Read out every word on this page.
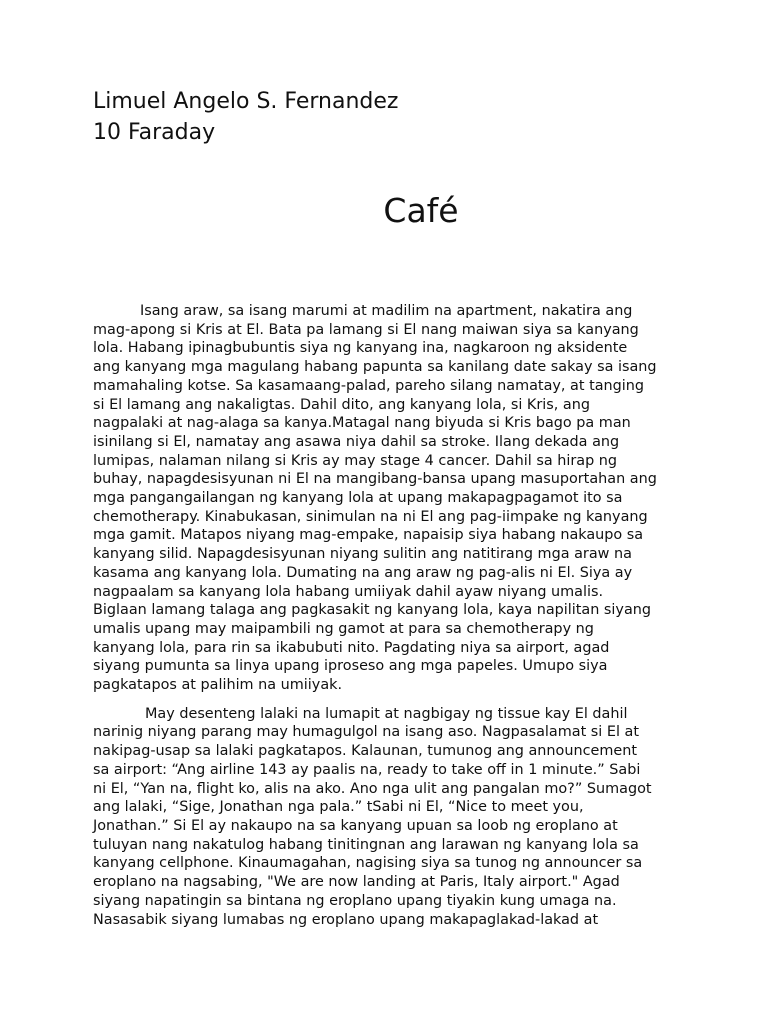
Limuel Angelo S. Fernandez
10 Faraday
Café

Isang araw, sa isang marumi at madilim na apartment, nakatira ang
mag-apong si Kris at El. Bata pa lamang si El nang maiwan siya sa kanyang
lola. Habang ipinagbubuntis siya ng kanyang ina, nagkaroon ng aksidente
ang kanyang mga magulang habang papunta sa kanilang date sakay sa isang
mamahaling kotse. Sa kasamaang-palad, pareho silang namatay, at tanging
si El lamang ang nakaligtas. Dahil dito, ang kanyang lola, si Kris, ang
nagpalaki at nag-alaga sa kanya.Matagal nang biyuda si Kris bago pa man
isinilang si El, namatay ang asawa niya dahil sa stroke. Ilang dekada ang
lumipas, nalaman nilang si Kris ay may stage 4 cancer. Dahil sa hirap ng
buhay, napagdesisyunan ni El na mangibang-bansa upang masuportahan ang
mga pangangailangan ng kanyang lola at upang makapagpagamot ito sa
chemotherapy. Kinabukasan, sinimulan na ni El ang pag-iimpake ng kanyang
mga gamit. Matapos niyang mag-empake, napaisip siya habang nakaupo sa
kanyang silid. Napagdesisyunan niyang sulitin ang natitirang mga araw na
kasama ang kanyang lola. Dumating na ang araw ng pag-alis ni El. Siya ay
nagpaalam sa kanyang lola habang umiiyak dahil ayaw niyang umalis.
Biglaan lamang talaga ang pagkasakit ng kanyang lola, kaya napilitan siyang
umalis upang may maipambili ng gamot at para sa chemotherapy ng
kanyang lola, para rin sa ikabubuti nito. Pagdating niya sa airport, agad
siyang pumunta sa linya upang iproseso ang mga papeles. Umupo siya
pagkatapos at palihim na umiiyak.

May desenteng lalaki na lumapit at nagbigay ng tissue kay El dahil
narinig niyang parang may humagulgol na isang aso. Nagpasalamat si El at
nakipag-usap sa lalaki pagkatapos. Kalaunan, tumunog ang announcement
sa airport: “Ang airline 143 ay paalis na, ready to take off in 1 minute.” Sabi
ni El, “Yan na, flight ko, alis na ako. Ano nga ulit ang pangalan mo?” Sumagot
ang lalaki, “Sige, Jonathan nga pala.” tSabi ni El, “Nice to meet you,
Jonathan.” Si El ay nakaupo na sa kanyang upuan sa loob ng eroplano at
tuluyan nang nakatulog habang tinitingnan ang larawan ng kanyang lola sa
kanyang cellphone. Kinaumagahan, nagising siya sa tunog ng announcer sa
eroplano na nagsabing, "We are now landing at Paris, Italy airport." Agad
siyang napatingin sa bintana ng eroplano upang tiyakin kung umaga na.
Nasasabik siyang lumabas ng eroplano upang makapaglakad-lakad at
